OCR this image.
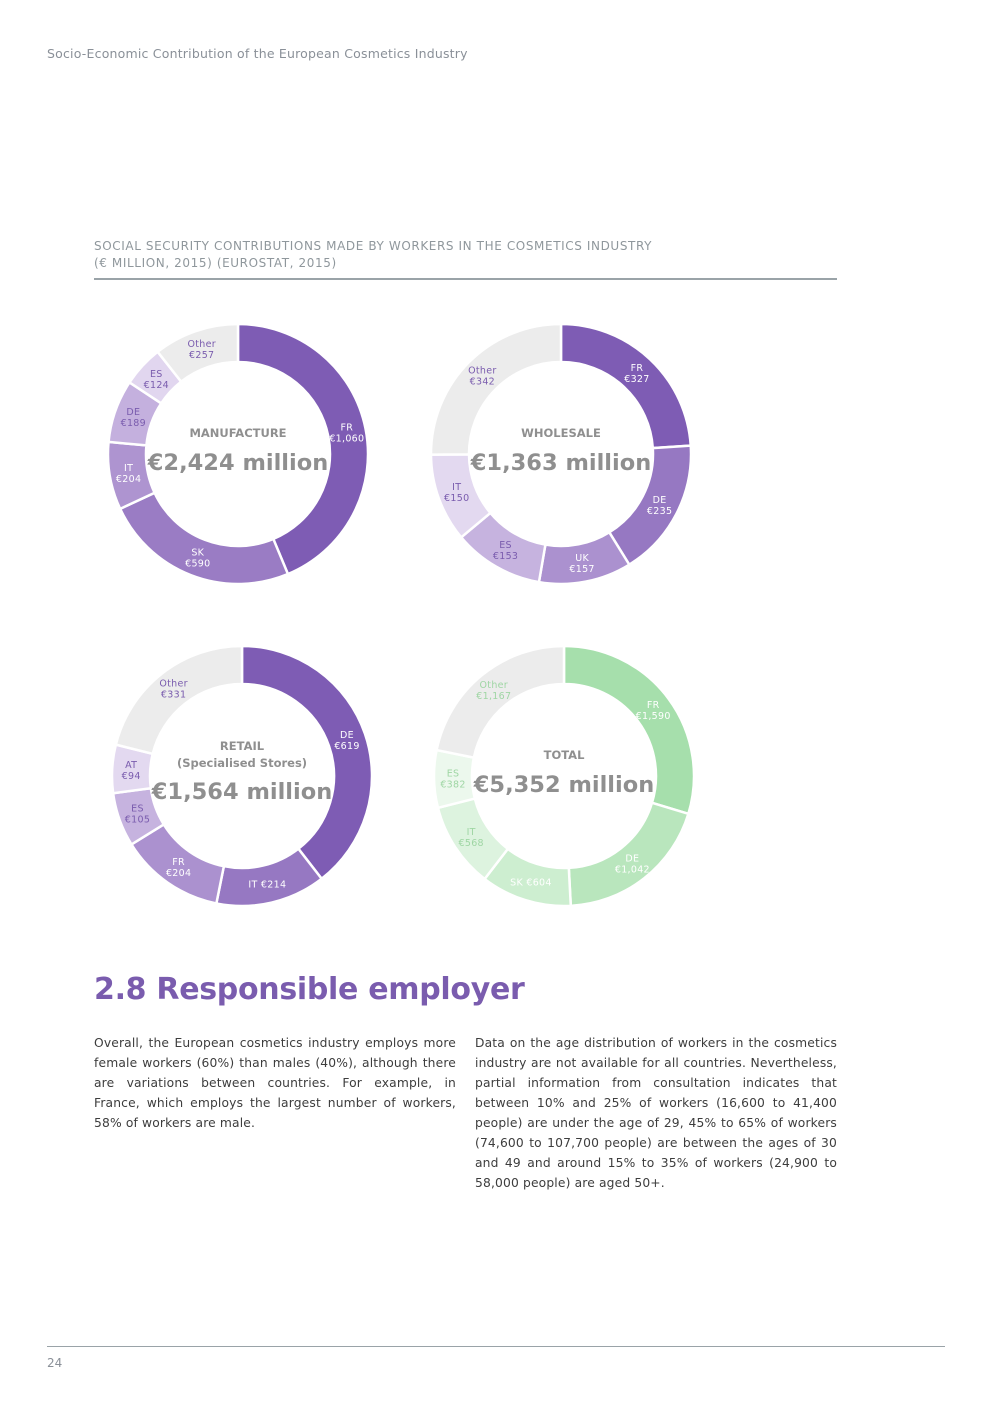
Socio-Economic Contribution of the European Cosmetics Industry
SOCIAL SECURITY CONTRIBUTIONS MADE BY WORKERS IN THE COSMETICS INDUSTRY
(€ MILLION, 2015) (EUROSTAT, 2015)
FR €1,060
SK €590
IT €204
DE €189
ES €124
Other €257
MANUFACTURE
€2,424 million
FR €327
DE €235
UK €157
ES €153
IT €150
Other €342
WHOLESALE
€1,363 million
DE €619
IT €214
FR €204
ES €105
AT €94
Other €331
RETAIL
(Specialised Stores)
€1,564 million
FR €1,590
DE €1,042
SK €604
IT €568
ES €382
Other €1,167
TOTAL
€5,352 million
2.8 Responsible employer

Overall, the European cosmetics industry employs more female workers (60%) than males (40%), although there are variations between countries. For example, in France, which employs the largest number of workers, 58% of workers are male.

Data on the age distribution of workers in the cosmetics industry are not available for all countries. Nevertheless, partial information from consultation indicates that between 10% and 25% of workers (16,600 to 41,400 people) are under the age of 29, 45% to 65% of workers (74,600 to 107,700 people) are between the ages of 30 and 49 and around 15% to 35% of workers (24,900 to 58,000 people) are aged 50+.

24
